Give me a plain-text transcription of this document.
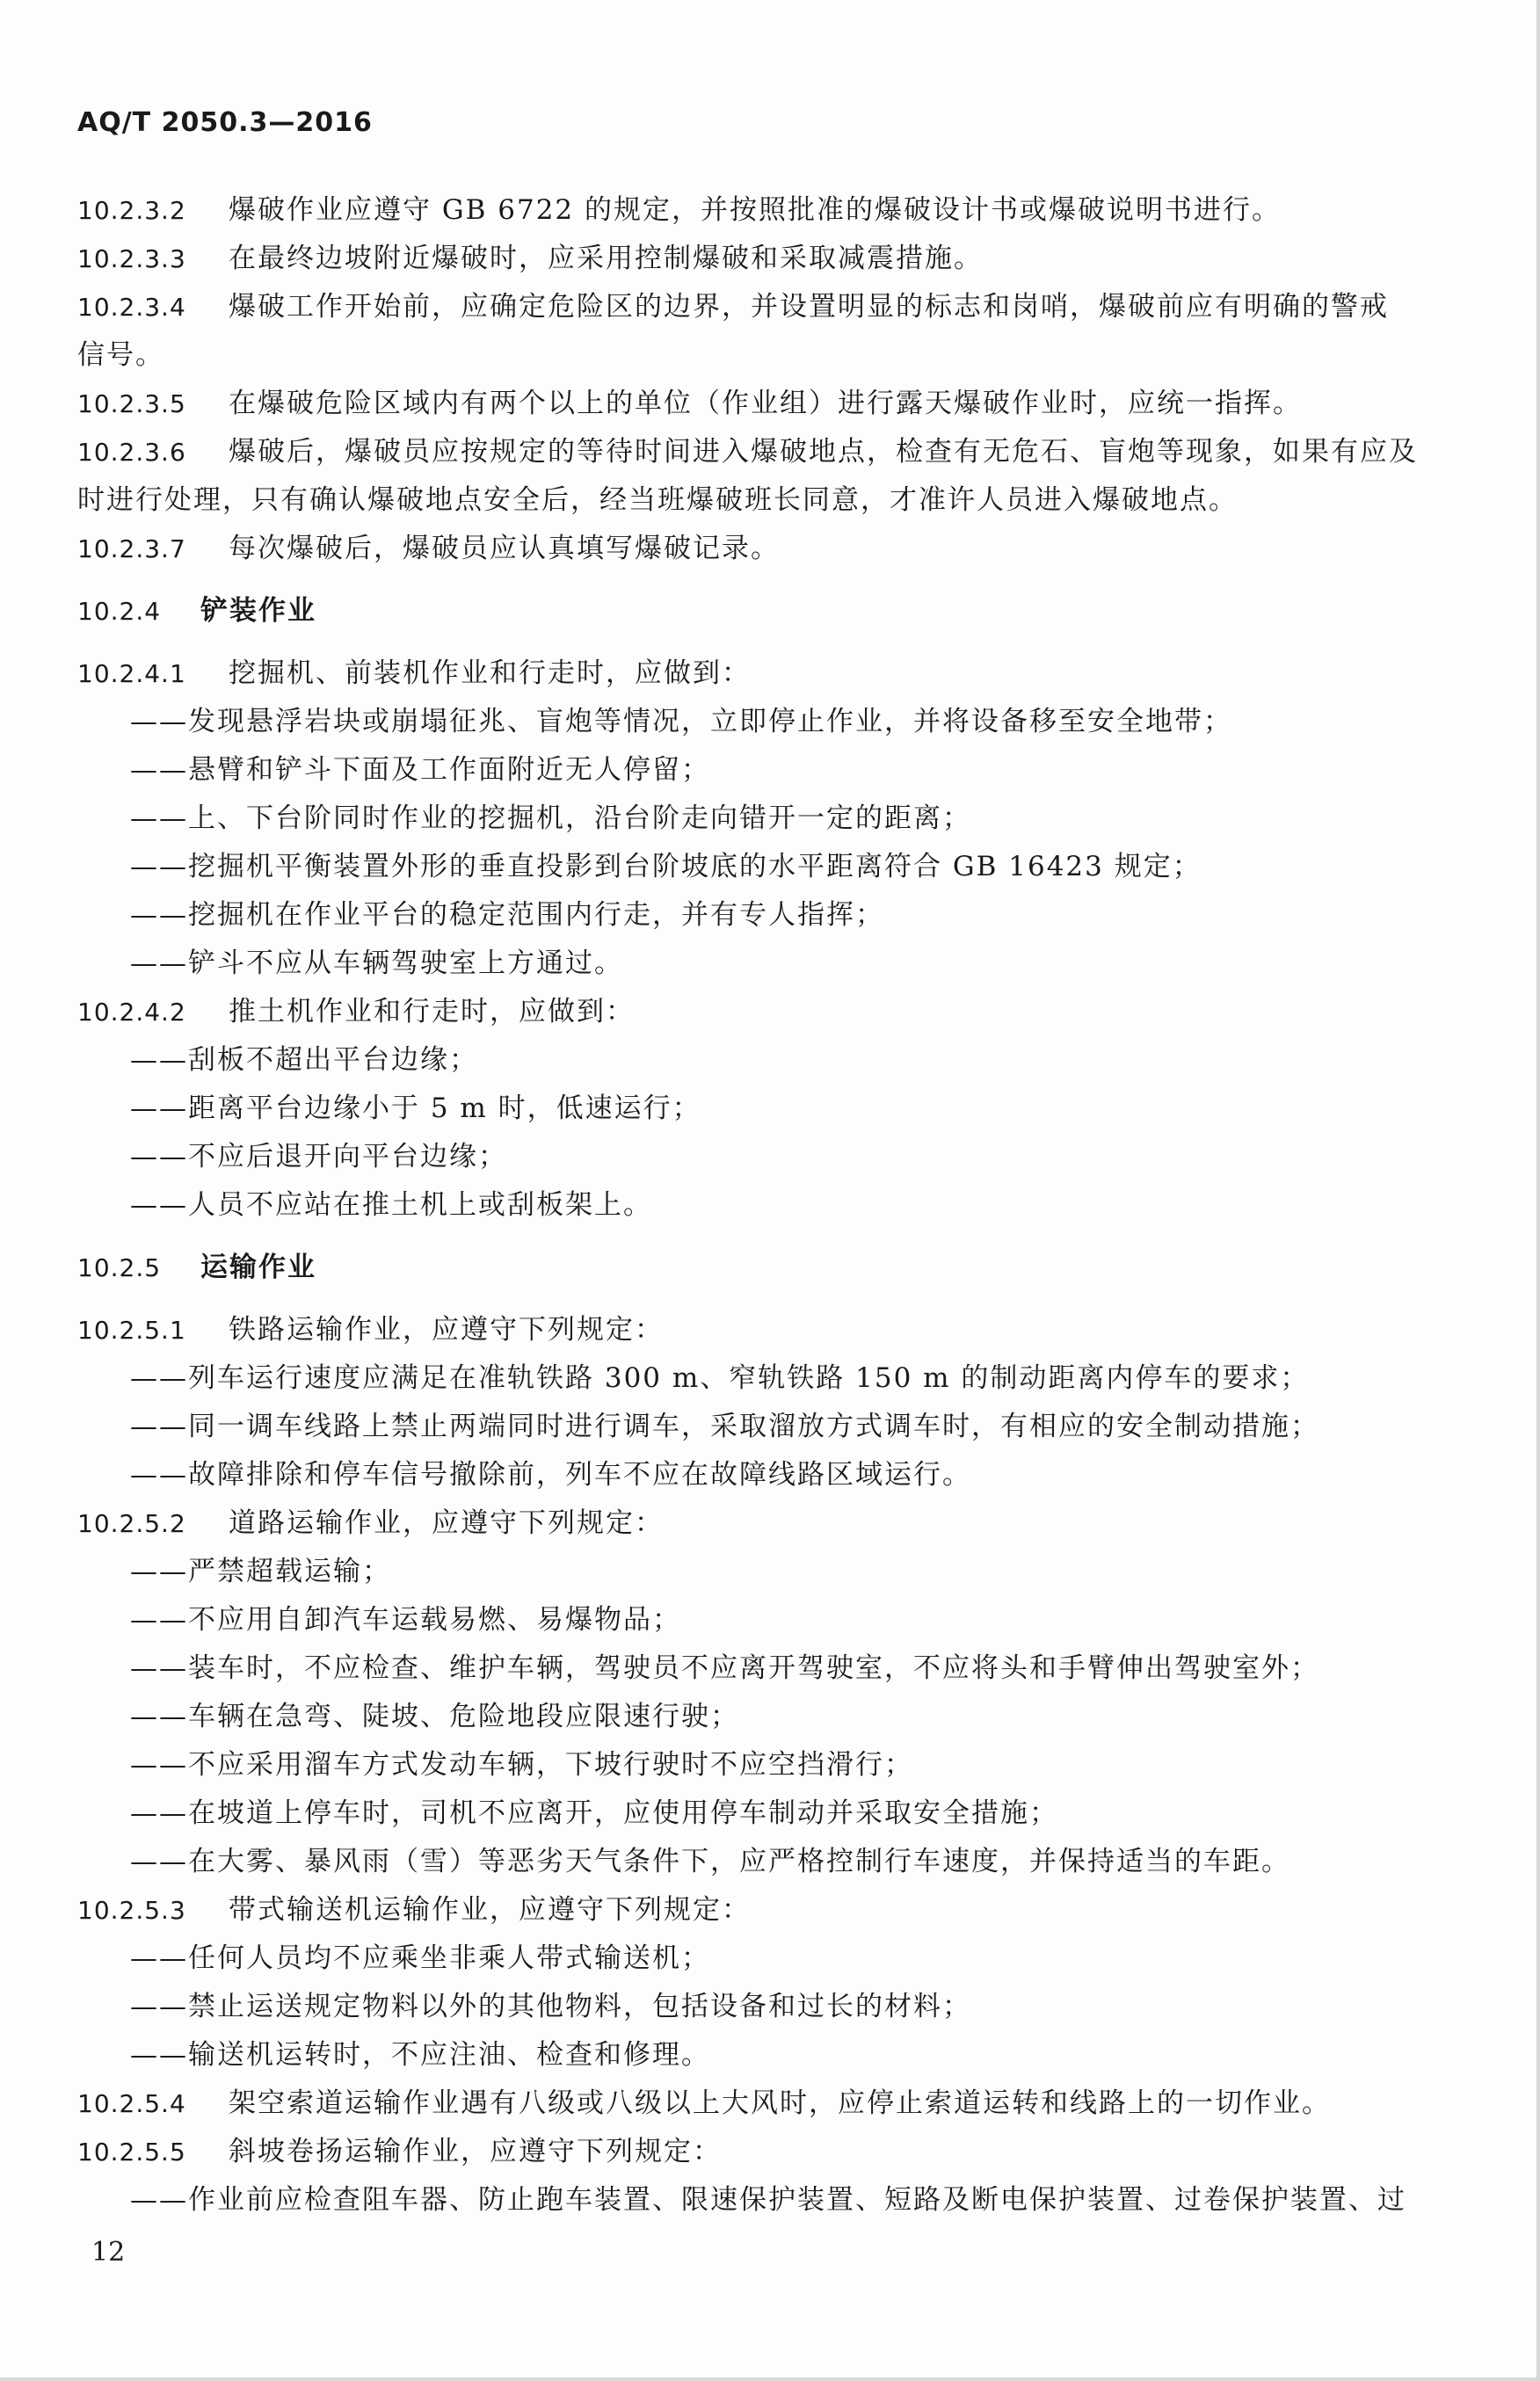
AQ/T 2050.3—2016
10.2.3.2 爆破作业应遵守 GB 6722 的规定，并按照批准的爆破设计书或爆破说明书进行。
10.2.3.3 在最终边坡附近爆破时，应采用控制爆破和采取减震措施。
10.2.3.4 爆破工作开始前，应确定危险区的边界，并设置明显的标志和岗哨，爆破前应有明确的警戒
信号。
10.2.3.5 在爆破危险区域内有两个以上的单位（作业组）进行露天爆破作业时，应统一指挥。
10.2.3.6 爆破后，爆破员应按规定的等待时间进入爆破地点，检查有无危石、盲炮等现象，如果有应及
时进行处理，只有确认爆破地点安全后，经当班爆破班长同意，才准许人员进入爆破地点。
10.2.3.7 每次爆破后，爆破员应认真填写爆破记录。
10.2.4 铲装作业
10.2.4.1 挖掘机、前装机作业和行走时，应做到：
——发现悬浮岩块或崩塌征兆、盲炮等情况，立即停止作业，并将设备移至安全地带；
——悬臂和铲斗下面及工作面附近无人停留；
——上、下台阶同时作业的挖掘机，沿台阶走向错开一定的距离；
——挖掘机平衡装置外形的垂直投影到台阶坡底的水平距离符合 GB 16423 规定；
——挖掘机在作业平台的稳定范围内行走，并有专人指挥；
——铲斗不应从车辆驾驶室上方通过。
10.2.4.2 推土机作业和行走时，应做到：
——刮板不超出平台边缘；
——距离平台边缘小于 5 m 时，低速运行；
——不应后退开向平台边缘；
——人员不应站在推土机上或刮板架上。
10.2.5 运输作业
10.2.5.1 铁路运输作业，应遵守下列规定：
——列车运行速度应满足在准轨铁路 300 m、窄轨铁路 150 m 的制动距离内停车的要求；
——同一调车线路上禁止两端同时进行调车，采取溜放方式调车时，有相应的安全制动措施；
——故障排除和停车信号撤除前，列车不应在故障线路区域运行。
10.2.5.2 道路运输作业，应遵守下列规定：
——严禁超载运输；
——不应用自卸汽车运载易燃、易爆物品；
——装车时，不应检查、维护车辆，驾驶员不应离开驾驶室，不应将头和手臂伸出驾驶室外；
——车辆在急弯、陡坡、危险地段应限速行驶；
——不应采用溜车方式发动车辆，下坡行驶时不应空挡滑行；
——在坡道上停车时，司机不应离开，应使用停车制动并采取安全措施；
——在大雾、暴风雨（雪）等恶劣天气条件下，应严格控制行车速度，并保持适当的车距。
10.2.5.3 带式输送机运输作业，应遵守下列规定：
——任何人员均不应乘坐非乘人带式输送机；
——禁止运送规定物料以外的其他物料，包括设备和过长的材料；
——输送机运转时，不应注油、检查和修理。
10.2.5.4 架空索道运输作业遇有八级或八级以上大风时，应停止索道运转和线路上的一切作业。
10.2.5.5 斜坡卷扬运输作业，应遵守下列规定：
——作业前应检查阻车器、防止跑车装置、限速保护装置、短路及断电保护装置、过卷保护装置、过
12
